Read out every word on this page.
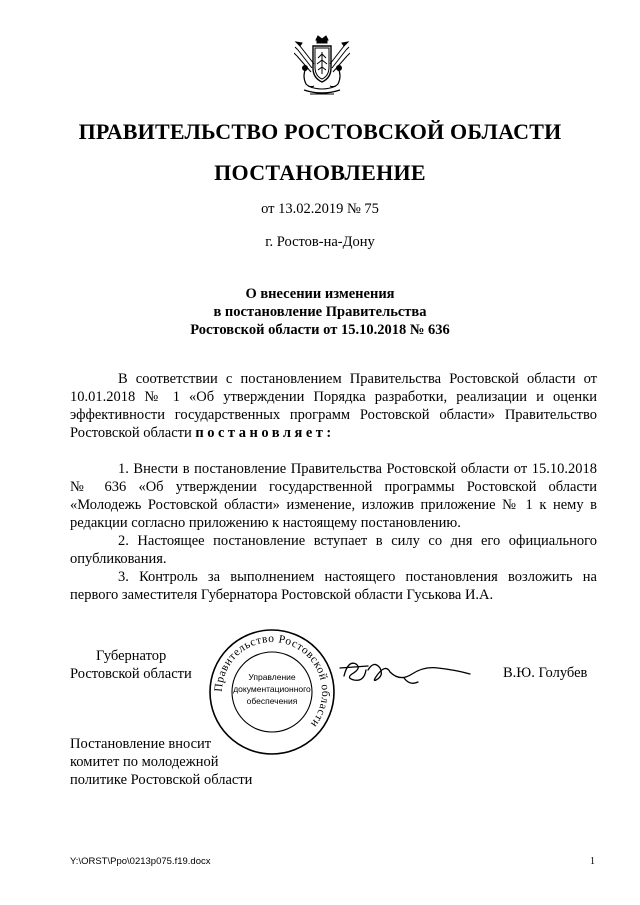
ПРАВИТЕЛЬСТВО РОСТОВСКОЙ ОБЛАСТИ
ПОСТАНОВЛЕНИЕ
от 13.02.2019 № 75
г. Ростов-на-Дону
О внесении изменения
в постановление Правительства
Ростовской области от 15.10.2018 № 636
В соответствии с постановлением Правительства Ростовской области от 10.01.2018 № 1 «Об утверждении Порядка разработки, реализации и оценки эффективности государственных программ Ростовской области» Правительство Ростовской области постановляет:
1. Внести в постановление Правительства Ростовской области от 15.10.2018 № 636 «Об утверждении государственной программы Ростовской области «Молодежь Ростовской области» изменение, изложив приложение № 1 к нему в редакции согласно приложению к настоящему постановлению.
2. Настоящее постановление вступает в силу со дня его официального опубликования.
3. Контроль за выполнением настоящего постановления возложить на первого заместителя Губернатора Ростовской области Гуськова И.А.
Губернатор
Ростовской области
Правительство Ростовской области
Управление
документационного
обеспечения
В.Ю. Голубев
Постановление вносит
комитет по молодежной
политике Ростовской области
Y:\ORST\Ppo\0213p075.f19.docx	1
